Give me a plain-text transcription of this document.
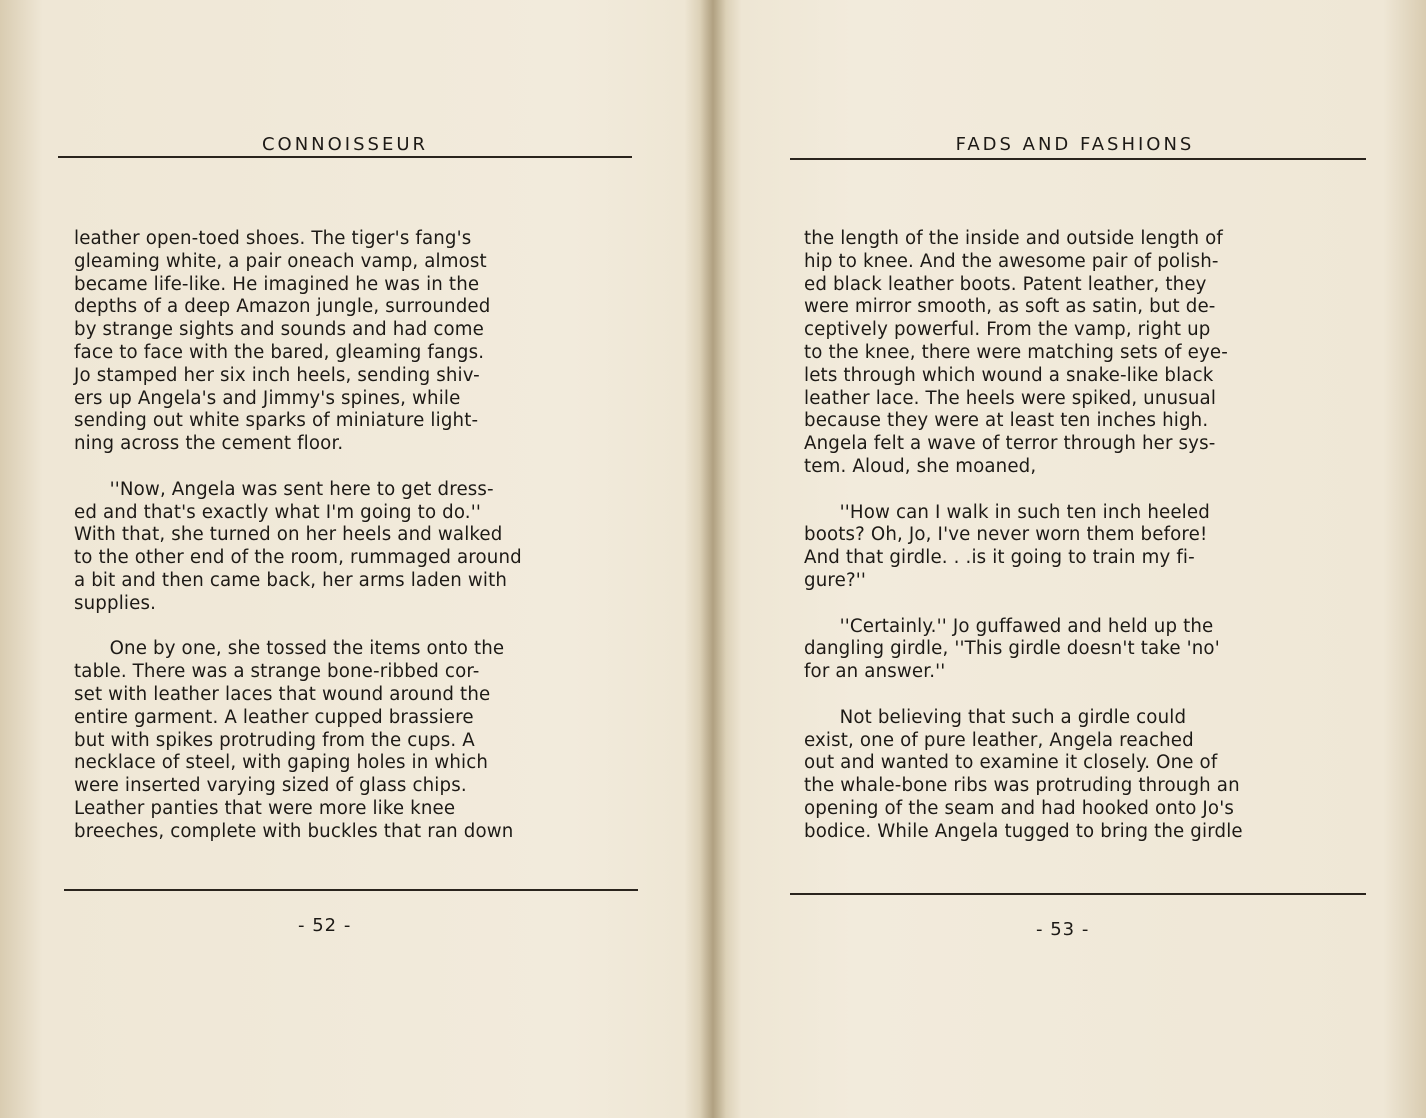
CONNOISSEUR
leather open-toed shoes. The tiger's fang's
gleaming white, a pair oneach vamp, almost
became life-like. He imagined he was in the
depths of a deep Amazon jungle, surrounded
by strange sights and sounds and had come
face to face with the bared, gleaming fangs.
Jo stamped her six inch heels, sending shiv-
ers up Angela's and Jimmy's spines, while
sending out white sparks of miniature light-
ning across the cement floor.
''Now, Angela was sent here to get dress-
ed and that's exactly what I'm going to do.''
With that, she turned on her heels and walked
to the other end of the room, rummaged around
a bit and then came back, her arms laden with
supplies.
One by one, she tossed the items onto the
table. There was a strange bone-ribbed cor-
set with leather laces that wound around the
entire garment. A leather cupped brassiere
but with spikes protruding from the cups. A
necklace of steel, with gaping holes in which
were inserted varying sized of glass chips.
Leather panties that were more like knee
breeches, complete with buckles that ran down
- 52 -
FADS AND FASHIONS
the length of the inside and outside length of
hip to knee. And the awesome pair of polish-
ed black leather boots. Patent leather, they
were mirror smooth, as soft as satin, but de-
ceptively powerful. From the vamp, right up
to the knee, there were matching sets of eye-
lets through which wound a snake-like black
leather lace. The heels were spiked, unusual
because they were at least ten inches high.
Angela felt a wave of terror through her sys-
tem. Aloud, she moaned,
''How can I walk in such ten inch heeled
boots? Oh, Jo, I've never worn them before!
And that girdle. . .is it going to train my fi-
gure?''
''Certainly.'' Jo guffawed and held up the
dangling girdle, ''This girdle doesn't take 'no'
for an answer.''
Not believing that such a girdle could
exist, one of pure leather, Angela reached
out and wanted to examine it closely. One of
the whale-bone ribs was protruding through an
opening of the seam and had hooked onto Jo's
bodice. While Angela tugged to bring the girdle
- 53 -
